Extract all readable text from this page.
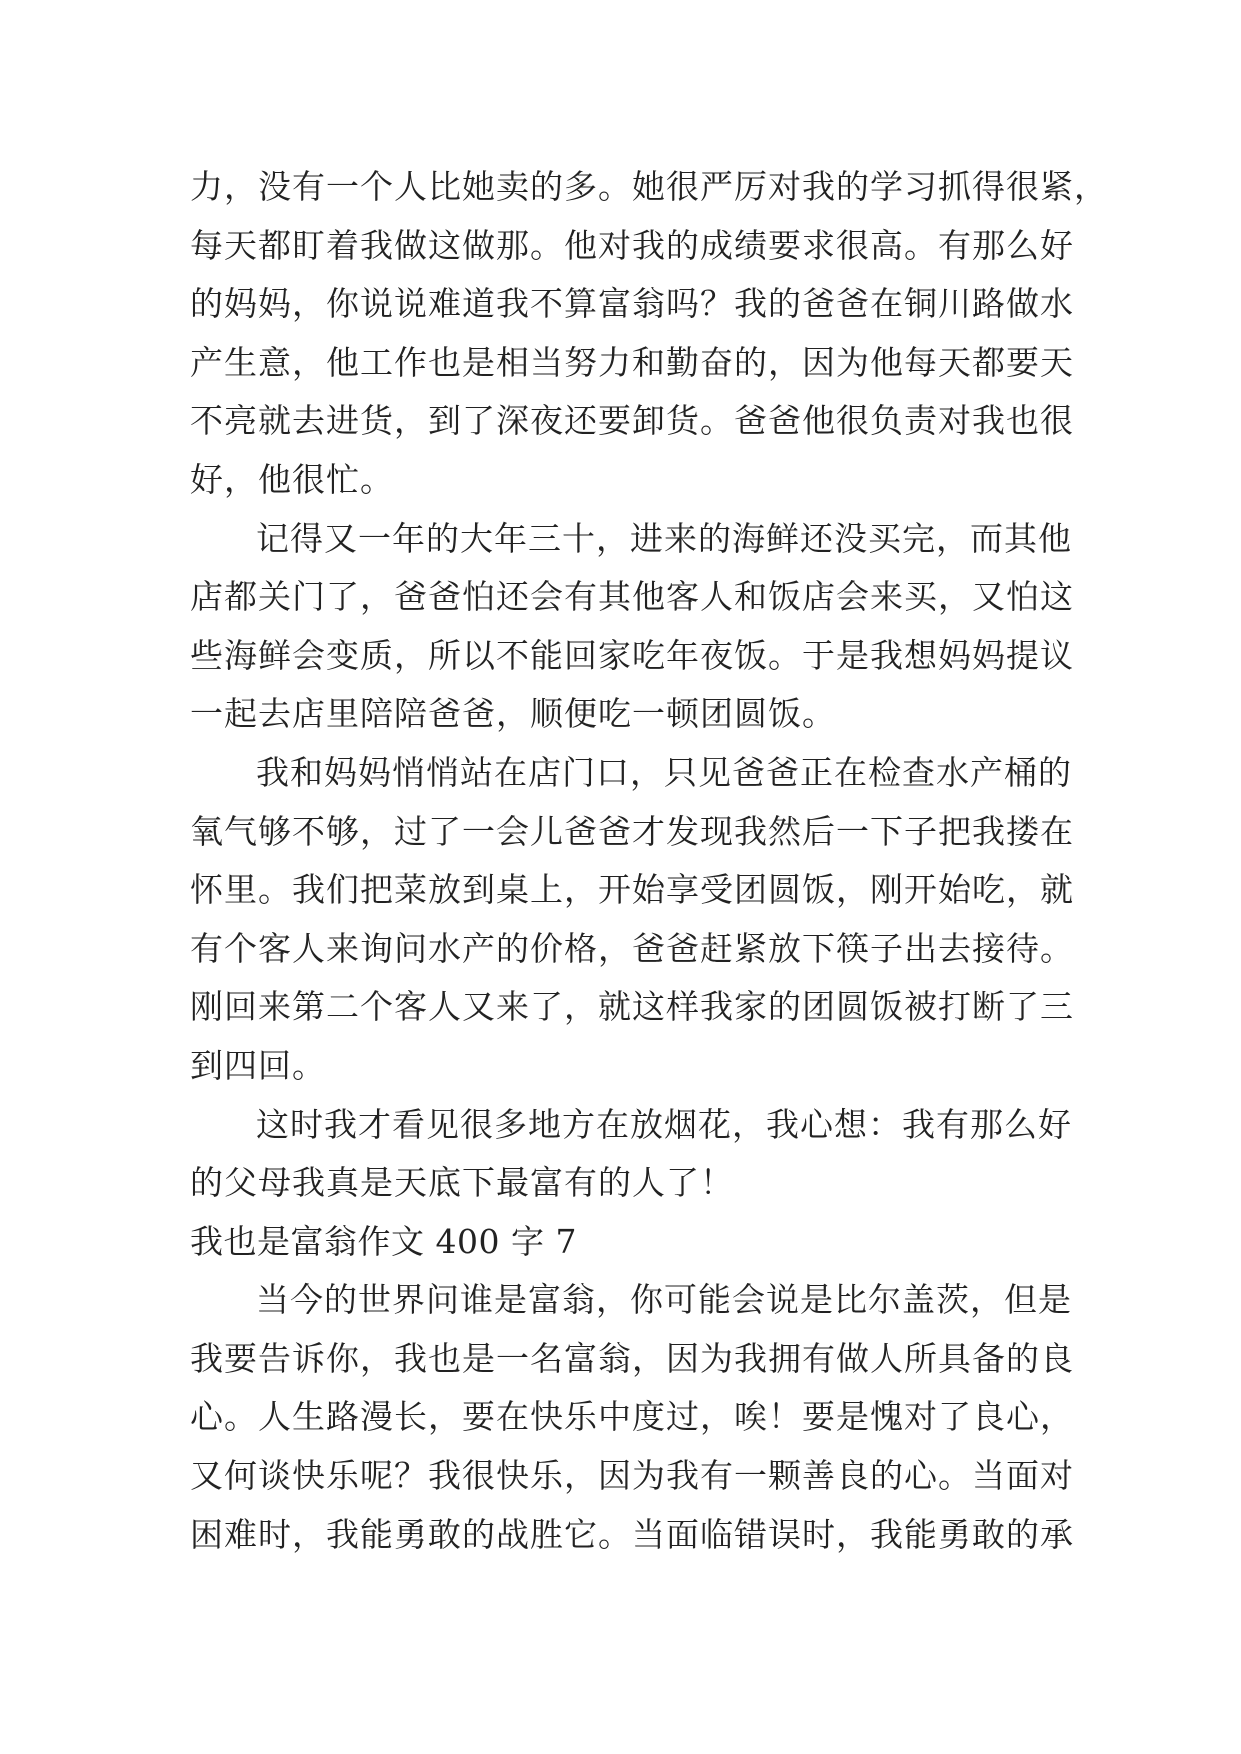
力，没有一个人比她卖的多。她很严厉对我的学习抓得很紧，
每天都盯着我做这做那。他对我的成绩要求很高。有那么好
的妈妈，你说说难道我不算富翁吗？我的爸爸在铜川路做水
产生意，他工作也是相当努力和勤奋的，因为他每天都要天
不亮就去进货，到了深夜还要卸货。爸爸他很负责对我也很
好，他很忙。
记得又一年的大年三十，进来的海鲜还没买完，而其他
店都关门了，爸爸怕还会有其他客人和饭店会来买，又怕这
些海鲜会变质，所以不能回家吃年夜饭。于是我想妈妈提议
一起去店里陪陪爸爸，顺便吃一顿团圆饭。
我和妈妈悄悄站在店门口，只见爸爸正在检查水产桶的
氧气够不够，过了一会儿爸爸才发现我然后一下子把我搂在
怀里。我们把菜放到桌上，开始享受团圆饭，刚开始吃，就
有个客人来询问水产的价格，爸爸赶紧放下筷子出去接待。
刚回来第二个客人又来了，就这样我家的团圆饭被打断了三
到四回。
这时我才看见很多地方在放烟花，我心想：我有那么好
的父母我真是天底下最富有的人了！
我也是富翁作文 400 字 7
当今的世界问谁是富翁，你可能会说是比尔盖茨，但是
我要告诉你，我也是一名富翁，因为我拥有做人所具备的良
心。人生路漫长，要在快乐中度过，唉！要是愧对了良心，
又何谈快乐呢？我很快乐，因为我有一颗善良的心。当面对
困难时，我能勇敢的战胜它。当面临错误时，我能勇敢的承
